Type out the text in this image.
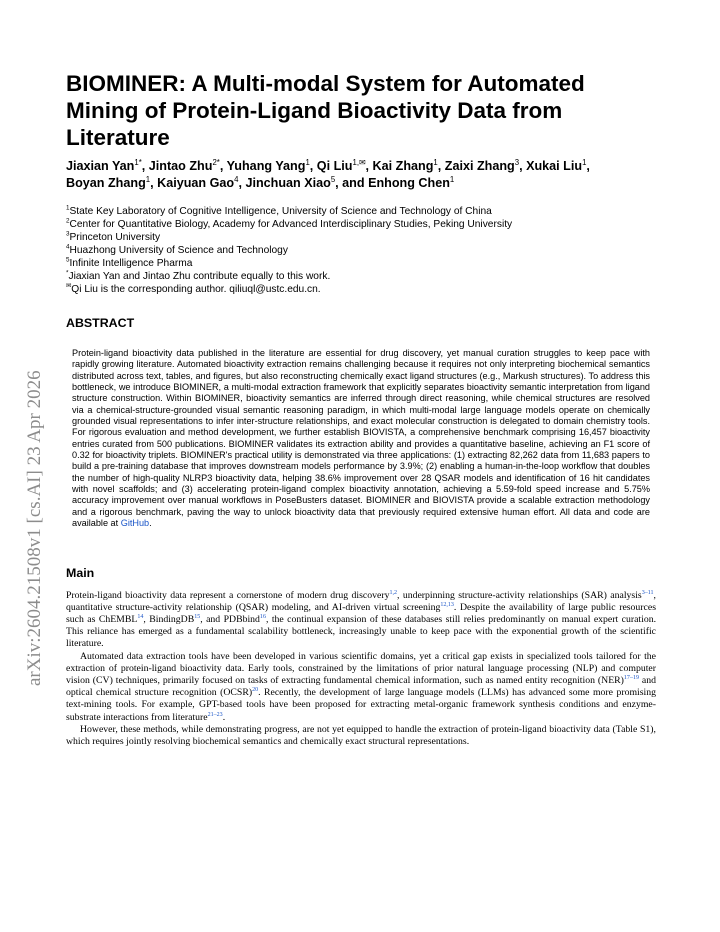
arXiv:2604.21508v1 [cs.AI] 23 Apr 2026
BIOMINER: A Multi-modal System for Automated Mining of Protein-Ligand Bioactivity Data from Literature
Jiaxian Yan$^{1*}$, Jintao Zhu$^{2*}$, Yuhang Yang$^1$, Qi Liu$^{1,✉}$, Kai Zhang$^1$, Zaixi Zhang$^3$, Xukai Liu$^1$,
Boyan Zhang$^1$, Kaiyuan Gao$^4$, Jinchuan Xiao$^5$, and Enhong Chen$^1$
$^1$State Key Laboratory of Cognitive Intelligence, University of Science and Technology of China
$^2$Center for Quantitative Biology, Academy for Advanced Interdisciplinary Studies, Peking University
$^3$Princeton University
$^4$Huazhong University of Science and Technology
$^5$Infinite Intelligence Pharma
*Jiaxian Yan and Jintao Zhu contribute equally to this work.
✉Qi Liu is the corresponding author. qiliuql@ustc.edu.cn.
ABSTRACT
Protein-ligand bioactivity data published in the literature are essential for drug discovery, yet manual curation struggles to keep pace with rapidly growing literature. Automated bioactivity extraction remains challenging because it requires not only interpreting biochemical semantics distributed across text, tables, and figures, but also reconstructing chemically exact ligand structures (e.g., Markush structures). To address this bottleneck, we introduce BIOMINER, a multi-modal extraction framework that explicitly separates bioactivity semantic interpretation from ligand structure construction. Within BIOMINER, bioactivity semantics are inferred through direct reasoning, while chemical structures are resolved via a chemical-structure-grounded visual semantic reasoning paradigm, in which multi-modal large language models operate on chemically grounded visual representations to infer inter-structure relationships, and exact molecular construction is delegated to domain chemistry tools. For rigorous evaluation and method development, we further establish BIOVISTA, a comprehensive benchmark comprising 16,457 bioactivity entries curated from 500 publications. BIOMINER validates its extraction ability and provides a quantitative baseline, achieving an F1 score of 0.32 for bioactivity triplets. BIOMINER's practical utility is demonstrated via three applications: (1) extracting 82,262 data from 11,683 papers to build a pre-training database that improves downstream models performance by 3.9%; (2) enabling a human-in-the-loop workflow that doubles the number of high-quality NLRP3 bioactivity data, helping 38.6% improvement over 28 QSAR models and identification of 16 hit candidates with novel scaffolds; and (3) accelerating protein-ligand complex bioactivity annotation, achieving a 5.59-fold speed increase and 5.75% accuracy improvement over manual workflows in PoseBusters dataset. BIOMINER and BIOVISTA provide a scalable extraction methodology and a rigorous benchmark, paving the way to unlock bioactivity data that previously required extensive human effort. All data and code are available at GitHub.
Main

Protein-ligand bioactivity data represent a cornerstone of modern drug discovery$^{1,2}$, underpinning structure-activity relationships (SAR) analysis$^{3-11}$, quantitative structure-activity relationship (QSAR) modeling, and AI-driven virtual screening$^{12,13}$. Despite the availability of large public resources such as ChEMBL$^{14}$, BindingDB$^{15}$, and PDBbind$^{16}$, the continual expansion of these databases still relies predominantly on manual expert curation. This reliance has emerged as a fundamental scalability bottleneck, increasingly unable to keep pace with the exponential growth of the scientific literature.

Automated data extraction tools have been developed in various scientific domains, yet a critical gap exists in specialized tools tailored for the extraction of protein-ligand bioactivity data. Early tools, constrained by the limitations of prior natural language processing (NLP) and computer vision (CV) techniques, primarily focused on tasks of extracting fundamental chemical information, such as named entity recognition (NER)$^{17-19}$ and optical chemical structure recognition (OCSR)$^{20}$. Recently, the development of large language models (LLMs) has advanced some more promising text-mining tools. For example, GPT-based tools have been proposed for extracting metal-organic framework synthesis conditions and enzyme-substrate interactions from literature$^{21-23}$.

However, these methods, while demonstrating progress, are not yet equipped to handle the extraction of protein-ligand bioactivity data (Table S1), which requires jointly resolving biochemical semantics and chemically exact structural representations.
